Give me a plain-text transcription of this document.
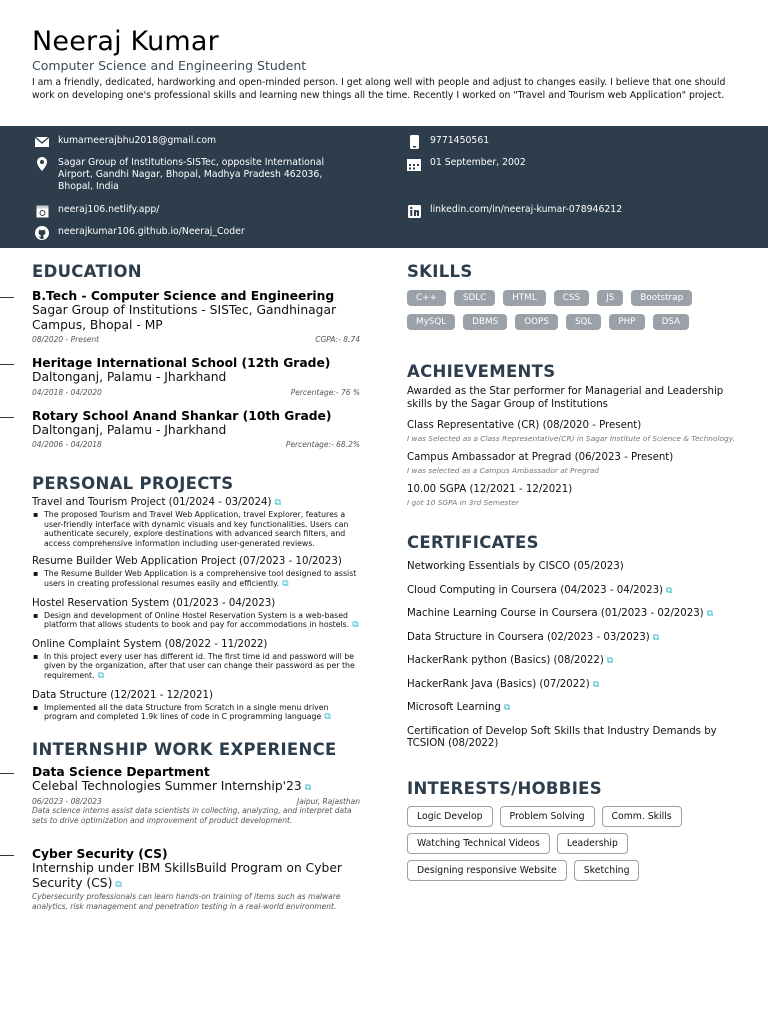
Neeraj Kumar
Computer Science and Engineering Student
I am a friendly, dedicated, hardworking and open-minded person. I get along well with people and adjust to changes easily. I believe that one should work on developing one's professional skills and learning new things all the time. Recently I worked on "Travel and Tourism web Application" project.
kumarneerajbhu2018@gmail.com	9771450561
Sagar Group of Institutions-SISTec, opposite International Airport, Gandhi Nagar, Bhopal, Madhya Pradesh 462036, Bhopal, India
01 September, 2002
neeraj106.netlify.app/	linkedin.com/in/neeraj-kumar-078946212
neerajkumar106.github.io/Neeraj_Coder
EDUCATION
B.Tech - Computer Science and Engineering
Sagar Group of Institutions - SISTec, Gandhinagar Campus, Bhopal - MP
08/2020 - Present	CGPA:- 8.74
Heritage International School (12th Grade)
Daltonganj, Palamu - Jharkhand
04/2018 - 04/2020	Percentage:- 76 %
Rotary School Anand Shankar (10th Grade)
Daltonganj, Palamu - Jharkhand
04/2006 - 04/2018	Percentage:- 68.2%
PERSONAL PROJECTS
Travel and Tourism Project (01/2024 - 03/2024) ⧉
▪ The proposed Tourism and Travel Web Application, travel Explorer, features a user-friendly interface with dynamic visuals and key functionalities. Users can authenticate securely, explore destinations with advanced search filters, and access comprehensive information including user-generated reviews.
Resume Builder Web Application Project (07/2023 - 10/2023)
▪ The Resume Builder Web Application is a comprehensive tool designed to assist users in creating professional resumes easily and efficiently. ⧉
Hostel Reservation System (01/2023 - 04/2023)
▪ Design and development of Online Hostel Reservation System is a web-based platform that allows students to book and pay for accommodations in hostels. ⧉
Online Complaint System (08/2022 - 11/2022)
▪ In this project every user has different id. The first time id and password will be given by the organization, after that user can change their password as per the requirement. ⧉
Data Structure (12/2021 - 12/2021)
▪ Implemented all the data Structure from Scratch in a single menu driven program and completed 1.9k lines of code in C programming language ⧉
INTERNSHIP WORK EXPERIENCE
Data Science Department
Celebal Technologies Summer Internship'23 ⧉
06/2023 - 08/2023	Jaipur, Rajasthan
Data science interns assist data scientists in collecting, analyzing, and interpret data sets to drive optimization and improvement of product development.
Cyber Security (CS)
Internship under IBM SkillsBuild Program on Cyber Security (CS) ⧉
Cybersecurity professionals can learn hands-on training of items such as malware analytics, risk management and penetration testing in a real-world environment.
SKILLS
C++	SDLC	HTML	CSS	JS	Bootstrap
MySQL	DBMS	OOPS	SQL	PHP	DSA
ACHIEVEMENTS
Awarded as the Star performer for Managerial and Leadership skills by the Sagar Group of Institutions
Class Representative (CR) (08/2020 - Present)
I was Selected as a Class Representative(CR) in Sagar Institute of Science & Technology.
Campus Ambassador at Pregrad (06/2023 - Present)
I was selected as a Campus Ambassador at Pregrad
10.00 SGPA (12/2021 - 12/2021)
I got 10 SGPA in 3rd Semester
CERTIFICATES
Networking Essentials by CISCO (05/2023)
Cloud Computing in Coursera (04/2023 - 04/2023) ⧉
Machine Learning Course in Coursera (01/2023 - 02/2023) ⧉
Data Structure in Coursera (02/2023 - 03/2023) ⧉
HackerRank python (Basics) (08/2022) ⧉
HackerRank Java (Basics) (07/2022) ⧉
Microsoft Learning ⧉
Certification of Develop Soft Skills that Industry Demands by TCSION (08/2022)
INTERESTS/HOBBIES
Logic Develop	Problem Solving	Comm. Skills
Watching Technical Videos	Leadership
Designing responsive Website	Sketching
